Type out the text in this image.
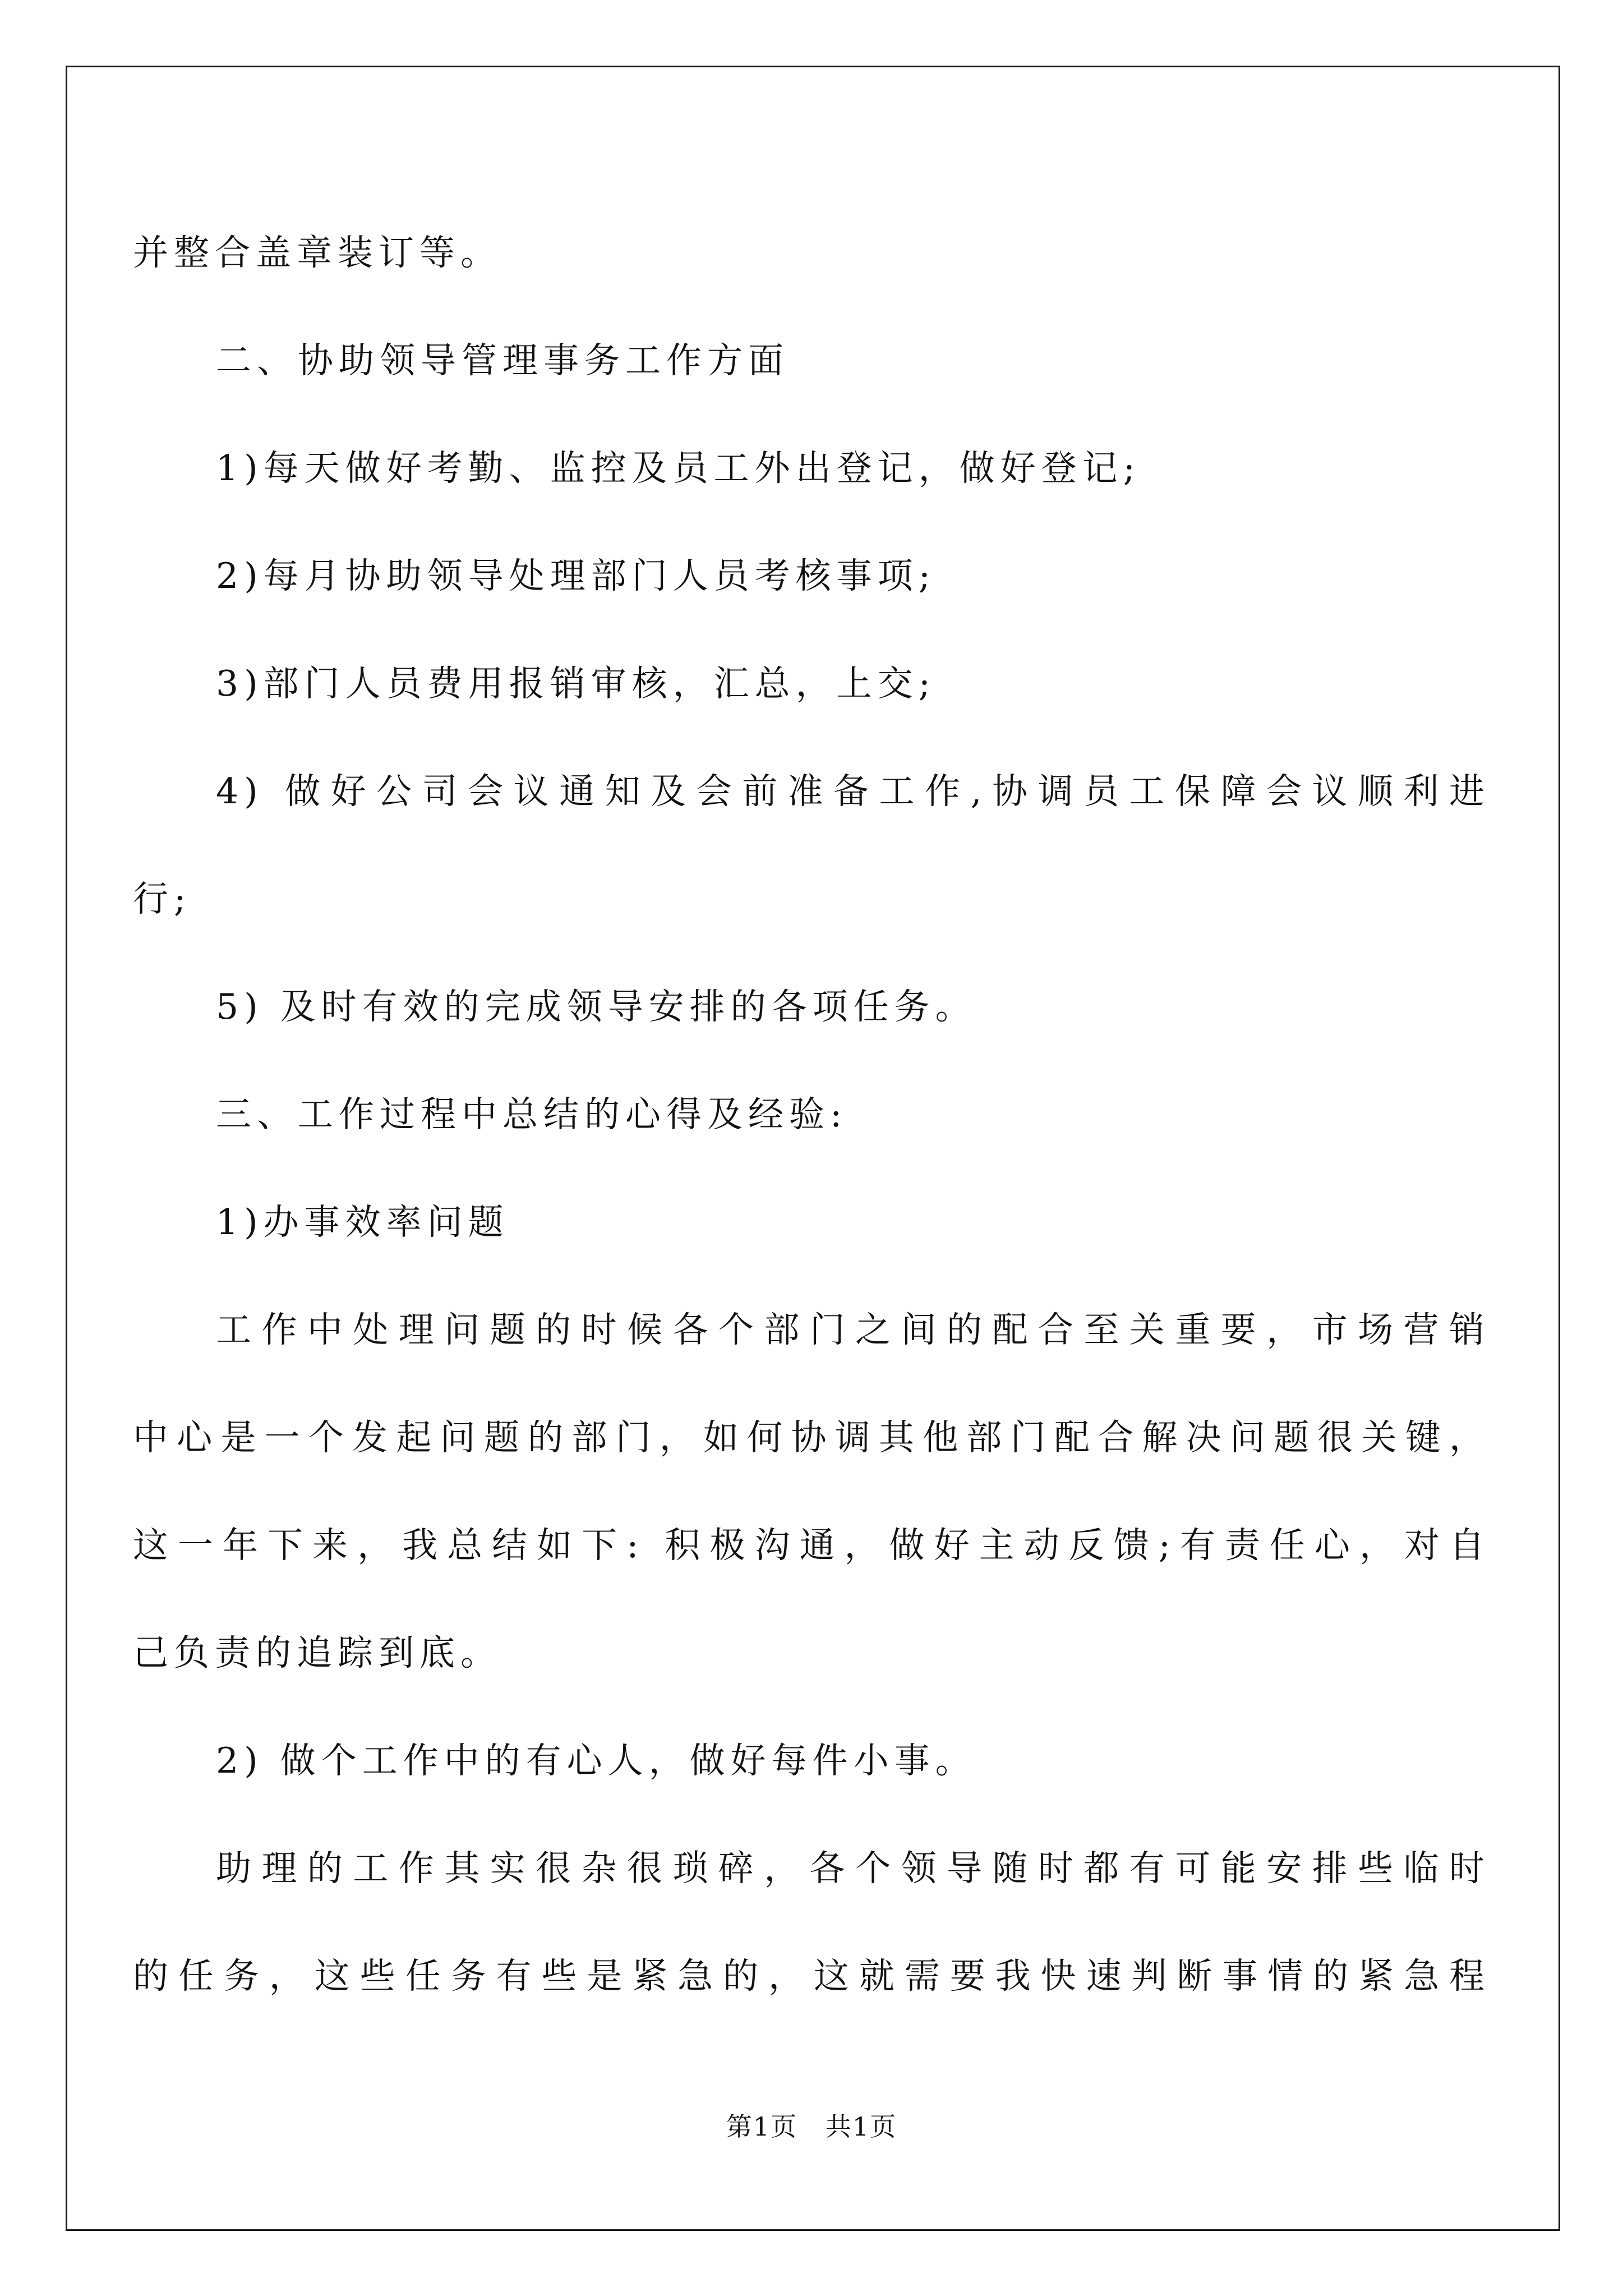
并整合盖章装订等。
二、协助领导管理事务工作方面
1)每天做好考勤、监控及员工外出登记，做好登记;
2)每月协助领导处理部门人员考核事项;
3)部门人员费用报销审核，汇总，上交;
4) 做好公司会议通知及会前准备工作,协调员工保障会议顺利进
行;
5) 及时有效的完成领导安排的各项任务。
三、工作过程中总结的心得及经验:
1)办事效率问题
工作中处理问题的时候各个部门之间的配合至关重要，市场营销
中心是一个发起问题的部门，如何协调其他部门配合解决问题很关键，
这一年下来，我总结如下: 积极沟通，做好主动反馈;有责任心，对自
己负责的追踪到底。
2) 做个工作中的有心人，做好每件小事。
助理的工作其实很杂很琐碎，各个领导随时都有可能安排些临时
的任务，这些任务有些是紧急的，这就需要我快速判断事情的紧急程
第1页   共1页
